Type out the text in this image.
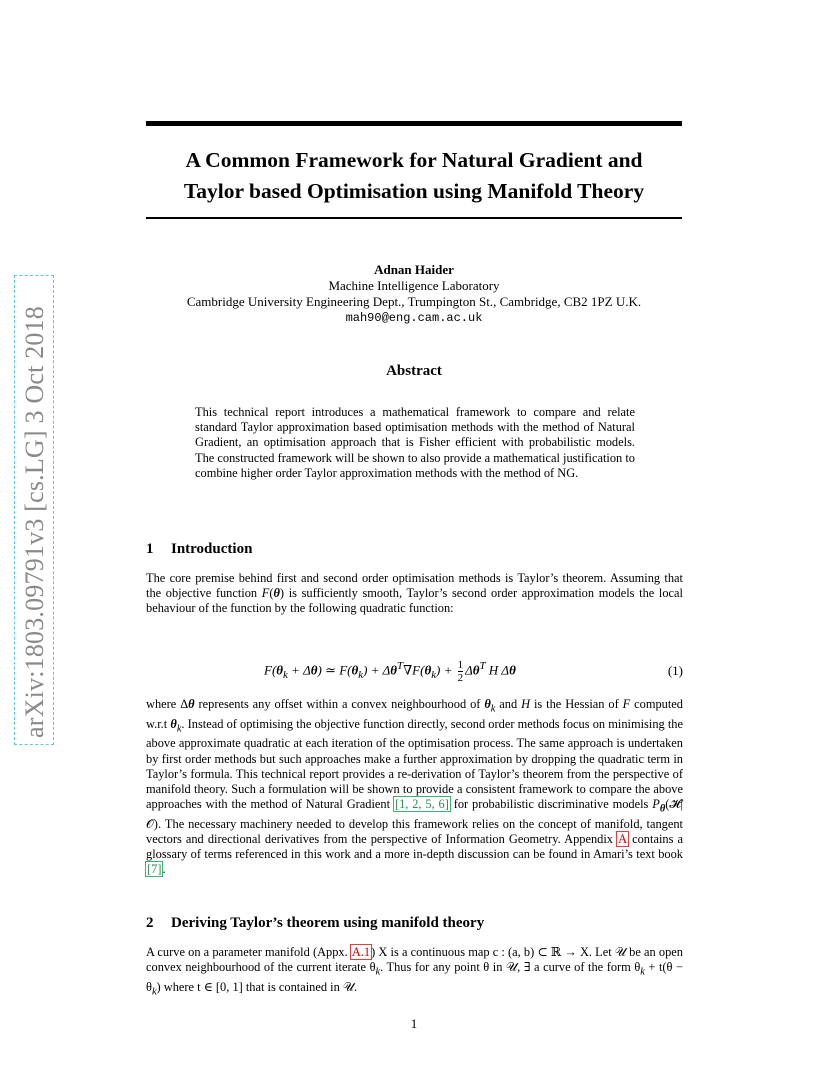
arXiv:1803.09791v3 [cs.LG] 3 Oct 2018
A Common Framework for Natural Gradient and
Taylor based Optimisation using Manifold Theory
Adnan Haider
Machine Intelligence Laboratory
Cambridge University Engineering Dept., Trumpington St., Cambridge, CB2 1PZ U.K.
mah90@eng.cam.ac.uk
Abstract
This technical report introduces a mathematical framework to compare and relate standard Taylor approximation based optimisation methods with the method of Natural Gradient, an optimisation approach that is Fisher efficient with probabilistic models. The constructed framework will be shown to also provide a mathematical justification to combine higher order Taylor approximation methods with the method of NG.
1 Introduction
The core premise behind first and second order optimisation methods is Taylor’s theorem. Assuming that the objective function F(θ) is sufficiently smooth, Taylor’s second order approximation models the local behaviour of the function by the following quadratic function:
$F(\theta_k + \Delta\theta)$ ≃ $F(\theta_k) + \Delta\theta^T\nabla F(\theta_k) + \frac{1}{2} \Delta\theta^T$ H Δθ	(1)
where Δθ represents any offset within a convex neighbourhood of $\theta_k$ and H is the Hessian of F computed w.r.t $\theta_k$. Instead of optimising the objective function directly, second order methods focus on minimising the above approximate quadratic at each iteration of the optimisation process. The same approach is undertaken by first order methods but such approaches make a further approximation by dropping the quadratic term in Taylor’s formula. This technical report provides a re-derivation of Taylor’s theorem from the perspective of manifold theory. Such a formulation will be shown to provide a consistent framework to compare the above approaches with the method of Natural Gradient [1, 2, 5, 6] for probabilistic discriminative models $P_\theta(𝓗|𝒪)$. The necessary machinery needed to develop this framework relies on the concept of manifold, tangent vectors and directional derivatives from the perspective of Information Geometry. Appendix A contains a glossary of terms referenced in this work and a more in-depth discussion can be found in Amari’s text book [7].
2 Deriving Taylor’s theorem using manifold theory
A curve on a parameter manifold (Appx. A.1) X is a continuous map c : (a, b) ⊂ ℝ → X. Let 𝒰 be an open convex neighbourhood of the current iterate $\theta_k$. Thus for any point θ in 𝒰, ∃ a curve of the form $\theta_k + t(\theta - \theta_k)$ where t ∈ [0, 1] that is contained in 𝒰.
1
